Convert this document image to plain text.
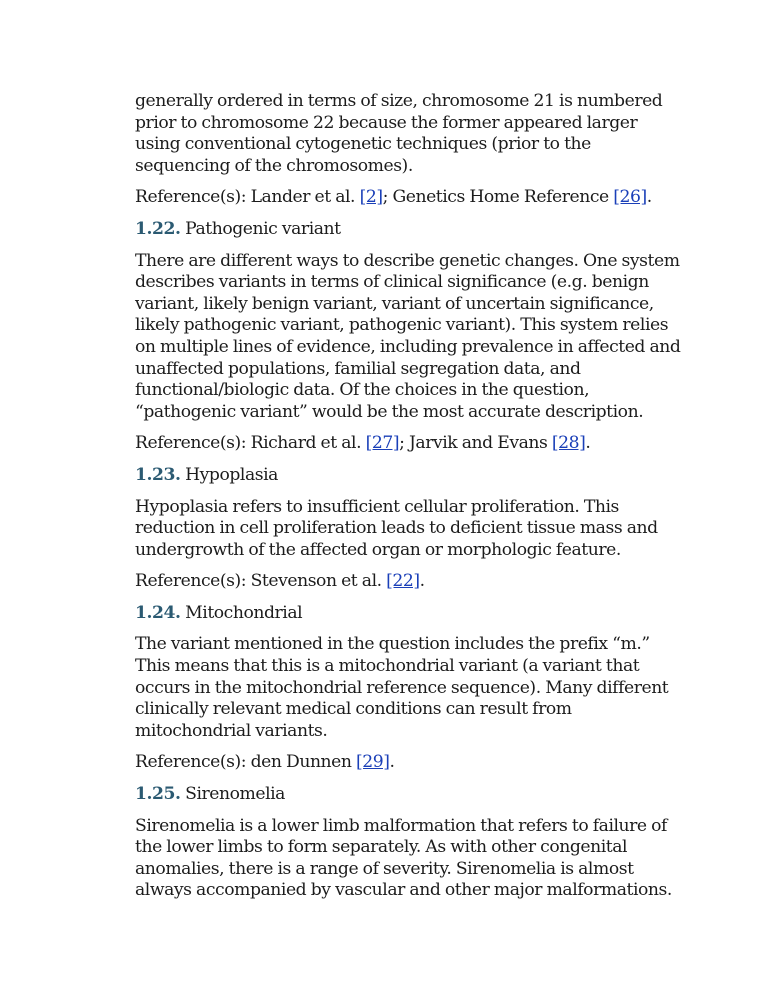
generally ordered in terms of size, chromosome 21 is numbered prior to chromosome 22 because the former appeared larger using conventional cytogenetic techniques (prior to the sequencing of the chromosomes).

Reference(s): Lander et al. [2]; Genetics Home Reference [26].

1.22. Pathogenic variant

There are different ways to describe genetic changes. One system describes variants in terms of clinical significance (e.g. benign variant, likely benign variant, variant of uncertain significance, likely pathogenic variant, pathogenic variant). This system relies on multiple lines of evidence, including prevalence in affected and unaffected populations, familial segregation data, and functional/biologic data. Of the choices in the question, “pathogenic variant” would be the most accurate description.

Reference(s): Richard et al. [27]; Jarvik and Evans [28].

1.23. Hypoplasia

Hypoplasia refers to insufficient cellular proliferation. This reduction in cell proliferation leads to deficient tissue mass and undergrowth of the affected organ or morphologic feature.

Reference(s): Stevenson et al. [22].

1.24. Mitochondrial

The variant mentioned in the question includes the prefix “m.” This means that this is a mitochondrial variant (a variant that occurs in the mitochondrial reference sequence). Many different clinically relevant medical conditions can result from mitochondrial variants.

Reference(s): den Dunnen [29].

1.25. Sirenomelia

Sirenomelia is a lower limb malformation that refers to failure of the lower limbs to form separately. As with other congenital anomalies, there is a range of severity. Sirenomelia is almost always accompanied by vascular and other major malformations.
